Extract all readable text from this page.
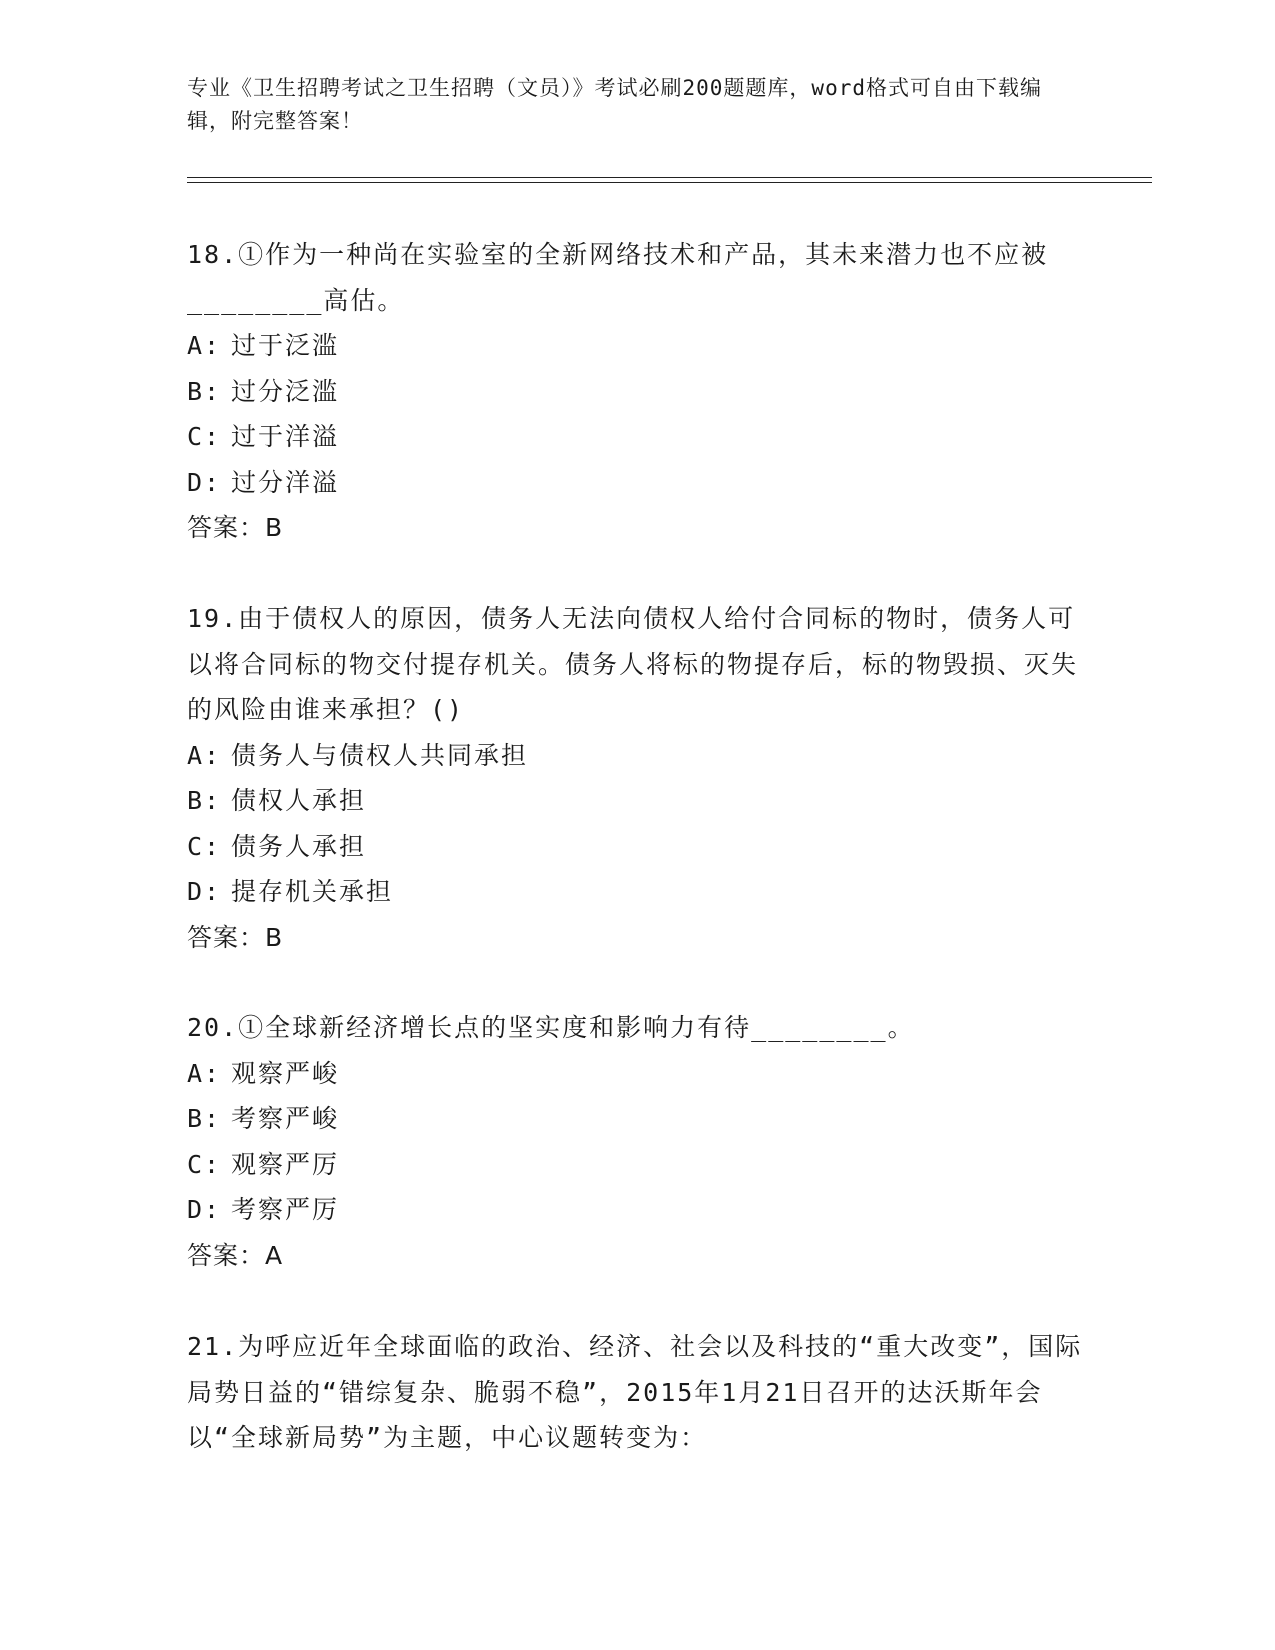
专业《卫生招聘考试之卫生招聘（文员）》考试必刷200题题库，word格式可自由下载编辑，附完整答案！

18.①作为一种尚在实验室的全新网络技术和产品，其未来潜力也不应被________高估。

A: 过于泛滥
B: 过分泛滥
C: 过于洋溢
D: 过分洋溢
答案：B

19.由于债权人的原因，债务人无法向债权人给付合同标的物时，债务人可以将合同标的物交付提存机关。债务人将标的物提存后，标的物毁损、灭失的风险由谁来承担？()

A: 债务人与债权人共同承担
B: 债权人承担
C: 债务人承担
D: 提存机关承担
答案：B

20.①全球新经济增长点的坚实度和影响力有待________。

A: 观察严峻
B: 考察严峻
C: 观察严厉
D: 考察严厉
答案：A

21.为呼应近年全球面临的政治、经济、社会以及科技的“重大改变”，国际局势日益的“错综复杂、脆弱不稳”，2015年1月21日召开的达沃斯年会以“全球新局势”为主题，中心议题转变为：
